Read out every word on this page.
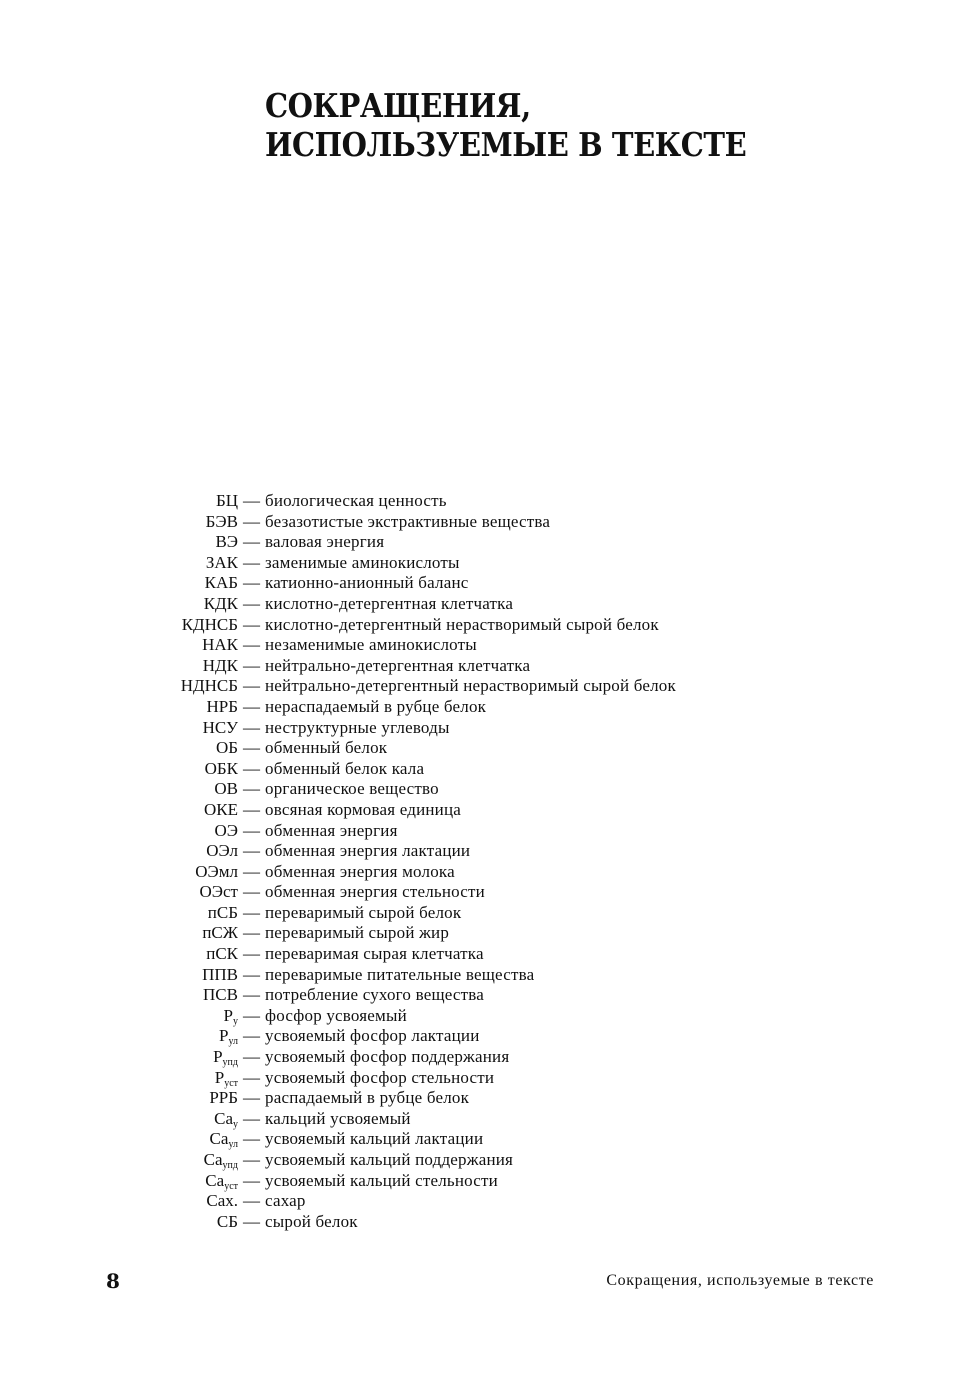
СОКРАЩЕНИЯ,
ИСПОЛЬЗУЕМЫЕ В ТЕКСТЕ
БЦ — биологическая ценность
БЭВ — безазотистые экстрактивные вещества
ВЭ — валовая энергия
ЗАК — заменимые аминокислоты
КАБ — катионно-анионный баланс
КДК — кислотно-детергентная клетчатка
КДНСБ — кислотно-детергентный нерастворимый сырой белок
НАК — незаменимые аминокислоты
НДК — нейтрально-детергентная клетчатка
НДНСБ — нейтрально-детергентный нерастворимый сырой белок
НРБ — нераспадаемый в рубце белок
НСУ — неструктурные углеводы
ОБ — обменный белок
ОБК — обменный белок кала
ОВ — органическое вещество
ОКЕ — овсяная кормовая единица
ОЭ — обменная энергия
ОЭл — обменная энергия лактации
ОЭмл — обменная энергия молока
ОЭст — обменная энергия стельности
пСБ — переваримый сырой белок
пСЖ — переваримый сырой жир
пСК — переваримая сырая клетчатка
ППВ — переваримые питательные вещества
ПСВ — потребление сухого вещества
$P_у$ — фосфор усвояемый
$P_{ул}$ — усвояемый фосфор лактации
$P_{упд}$ — усвояемый фосфор поддержания
$P_{уст}$ — усвояемый фосфор стельности
РРБ — распадаемый в рубце белок
$Ca_у$ — кальций усвояемый
$Ca_{ул}$ — усвояемый кальций лактации
$Ca_{упд}$ — усвояемый кальций поддержания
$Ca_{уст}$ — усвояемый кальций стельности
Сах. — сахар
СБ — сырой белок
8	Сокращения, используемые в тексте
